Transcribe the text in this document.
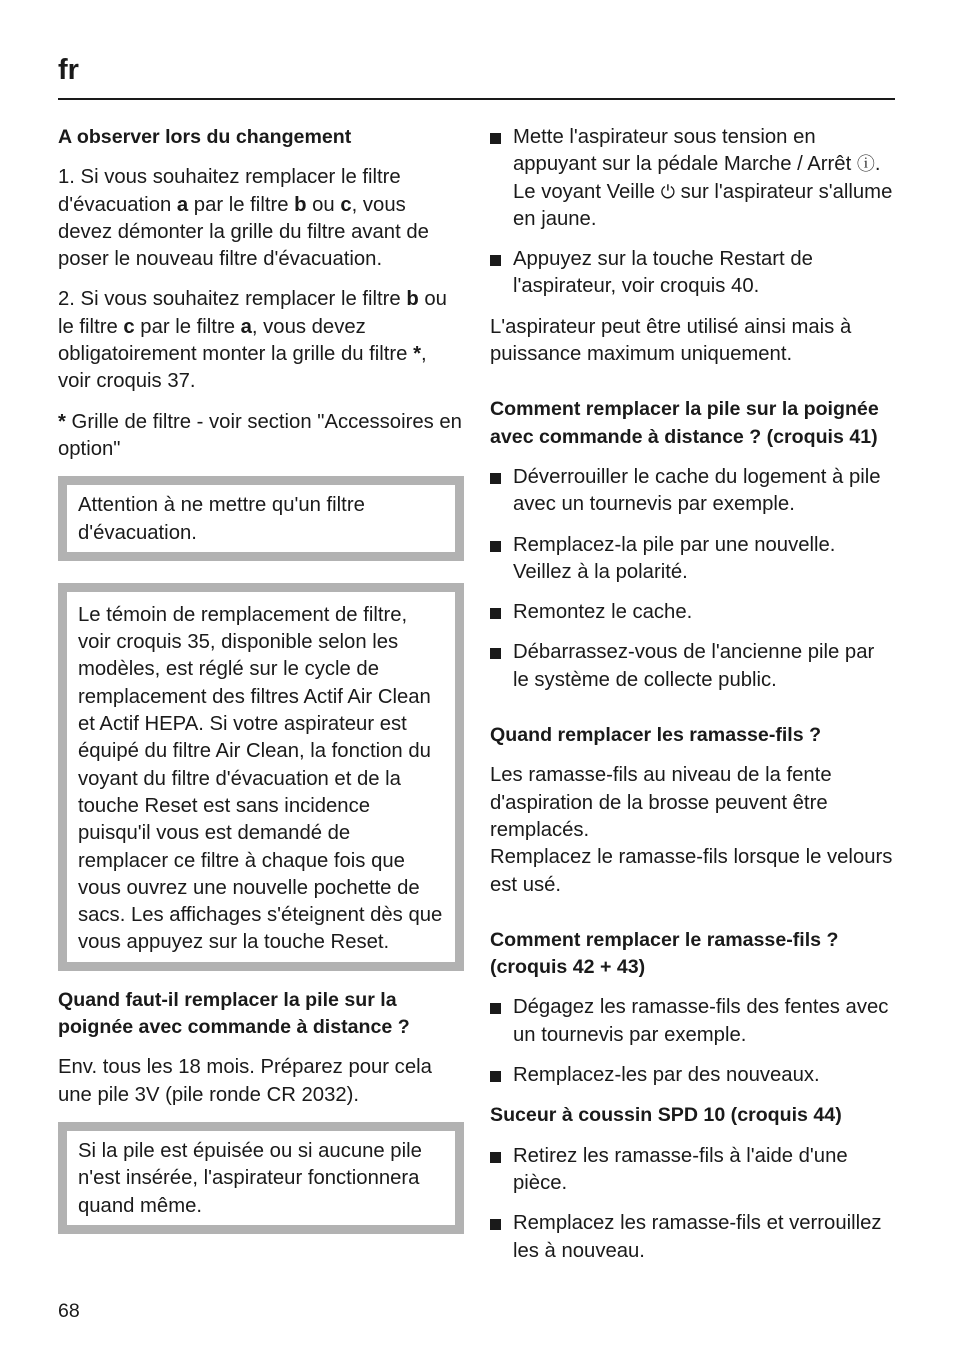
fr
A observer lors du changement
1. Si vous souhaitez remplacer le filtre d'évacuation a par le filtre b ou c, vous devez démonter la grille du filtre avant de poser le nouveau filtre d'évacuation.
2. Si vous souhaitez remplacer le filtre b ou le filtre c par le filtre a, vous devez obligatoirement monter la grille du filtre *, voir croquis 37.
* Grille de filtre - voir section "Accessoires en option"
Attention à ne mettre qu'un filtre d'évacuation.
Le témoin de remplacement de filtre, voir croquis 35, disponible selon les modèles, est réglé sur le cycle de remplacement des filtres Actif Air Clean et Actif HEPA. Si votre aspirateur est équipé du filtre Air Clean, la fonction du voyant du filtre d'évacuation et de la touche Reset est sans incidence puisqu'il vous est demandé de remplacer ce filtre à chaque fois que vous ouvrez une nouvelle pochette de sacs. Les affichages s'éteignent dès que vous appuyez sur la touche Reset.
Quand faut-il remplacer la pile sur la poignée avec commande à distance ?
Env. tous les 18 mois. Préparez pour cela une pile 3V (pile ronde CR 2032).
Si la pile est épuisée ou si aucune pile n'est insérée, l'aspirateur fonctionnera quand même.
Mette l'aspirateur sous tension en appuyant sur la pédale Marche / Arrêt ⓘ. Le voyant Veille ⏻ sur l'aspirateur s'allume en jaune.
Appuyez sur la touche Restart de l'aspirateur, voir croquis 40.
L'aspirateur peut être utilisé ainsi mais à puissance maximum uniquement.
Comment remplacer la pile sur la poignée avec commande à distance ? (croquis 41)
Déverrouiller le cache du logement à pile avec un tournevis par exemple.
Remplacez-la pile par une nouvelle. Veillez à la polarité.
Remontez le cache.
Débarrassez-vous de l'ancienne pile par le système de collecte public.
Quand remplacer les ramasse-fils ?
Les ramasse-fils au niveau de la fente d'aspiration de la brosse peuvent être remplacés.
Remplacez le ramasse-fils lorsque le velours est usé.
Comment remplacer le ramasse-fils ? (croquis 42 + 43)
Dégagez les ramasse-fils des fentes avec un tournevis par exemple.
Remplacez-les par des nouveaux.
Suceur à coussin SPD 10 (croquis 44)
Retirez les ramasse-fils à l'aide d'une pièce.
Remplacez les ramasse-fils et verrouillez les à nouveau.
68
